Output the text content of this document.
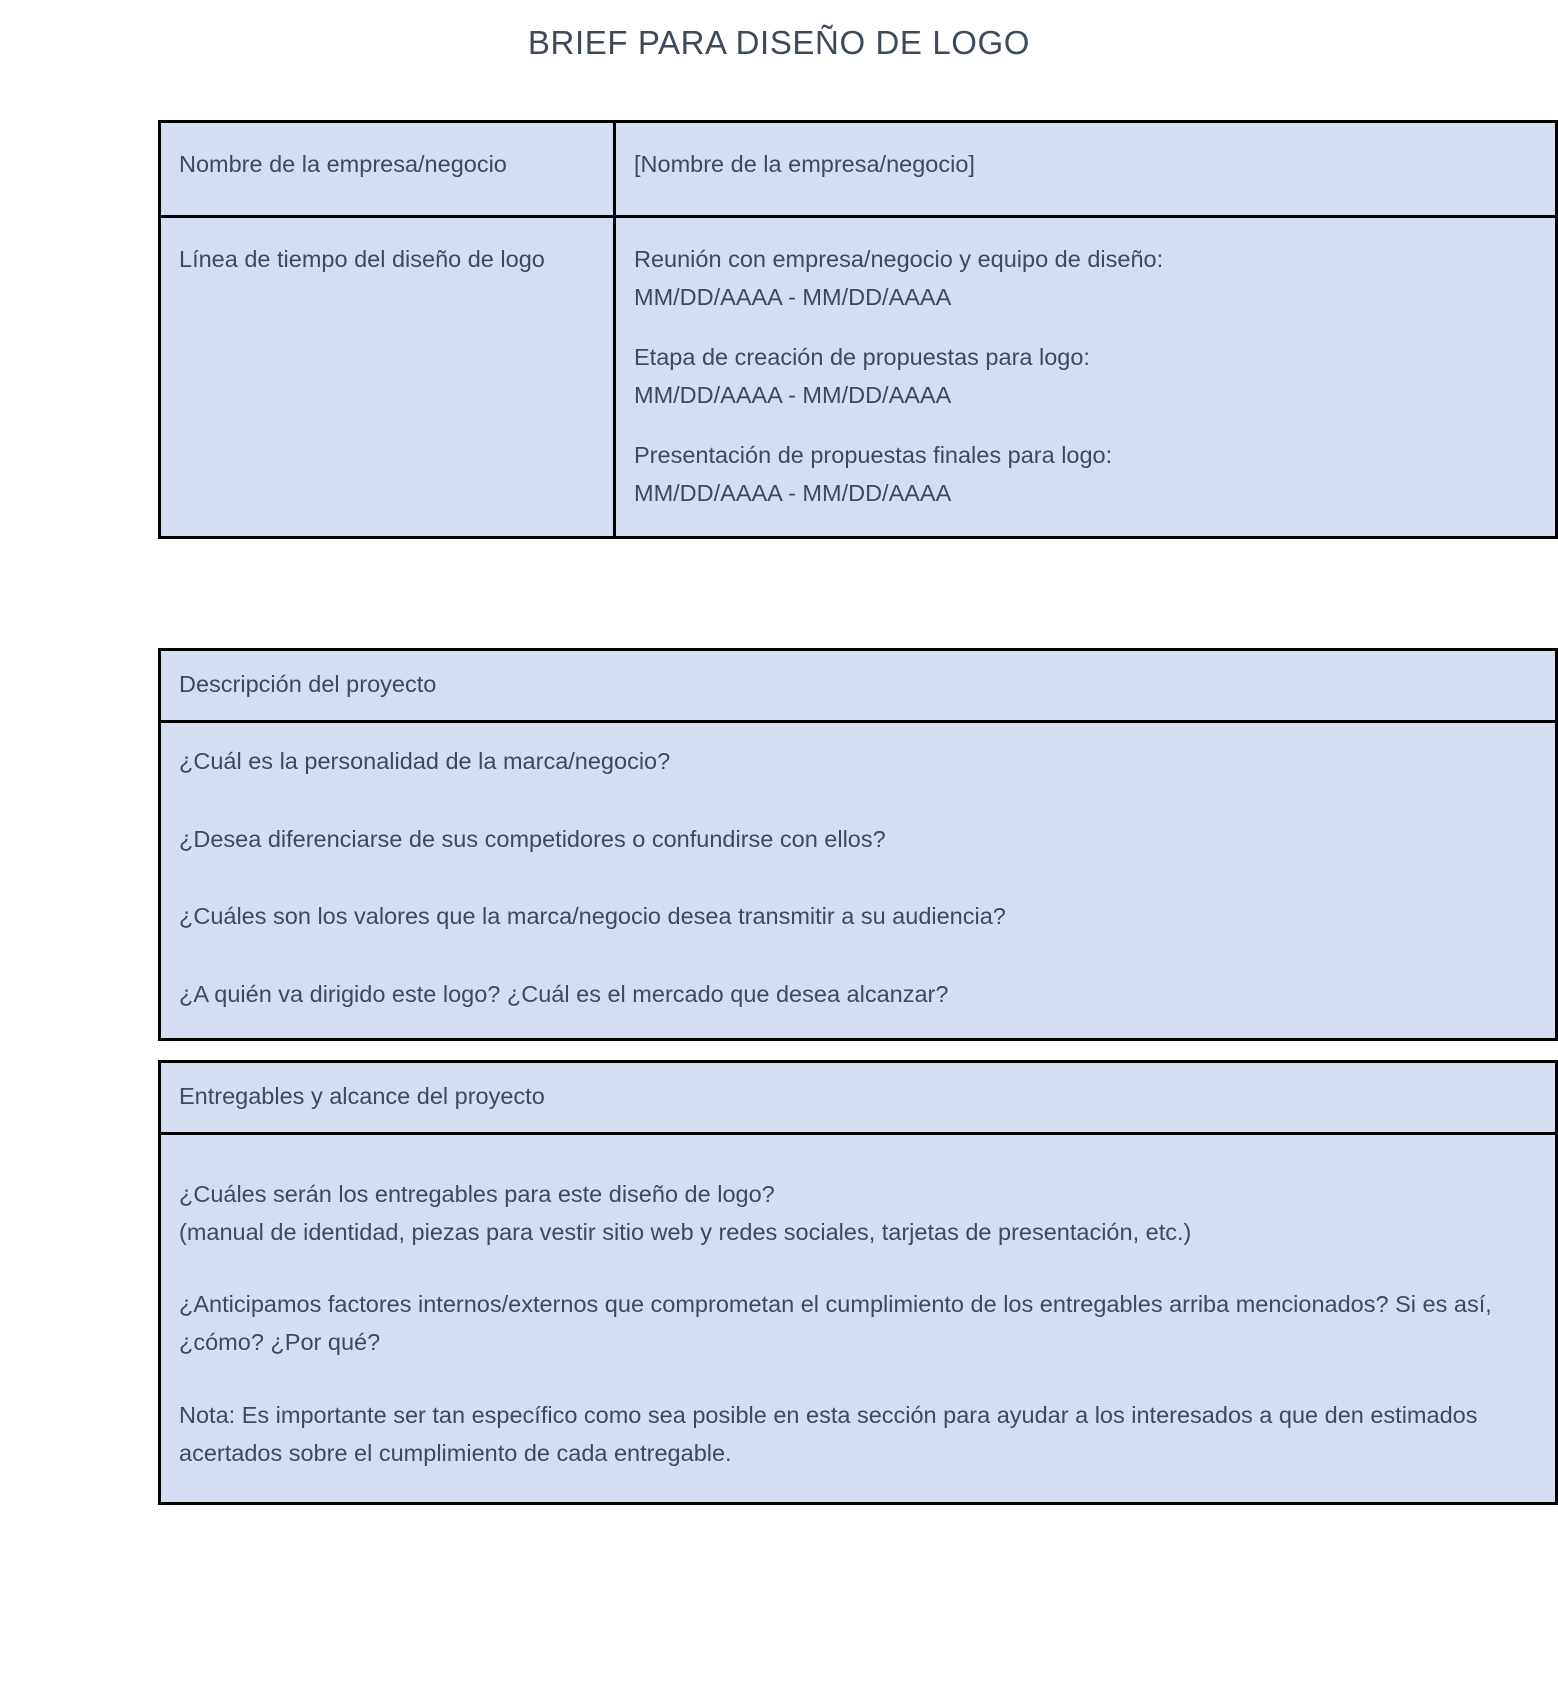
BRIEF PARA DISEÑO DE LOGO
Nombre de la empresa/negocio	[Nombre de la empresa/negocio]
Línea de tiempo del diseño de logo	Reunión con empresa/negocio y equipo de diseño:

MM/DD/AAAA - MM/DD/AAAA

Etapa de creación de propuestas para logo:

MM/DD/AAAA - MM/DD/AAAA

Presentación de propuestas finales para logo:

MM/DD/AAAA - MM/DD/AAAA

Descripción del proyecto

¿Cuál es la personalidad de la marca/negocio?

¿Desea diferenciarse de sus competidores o confundirse con ellos?

¿Cuáles son los valores que la marca/negocio desea transmitir a su audiencia?

¿A quién va dirigido este logo? ¿Cuál es el mercado que desea alcanzar?

Entregables y alcance del proyecto

¿Cuáles serán los entregables para este diseño de logo?

(manual de identidad, piezas para vestir sitio web y redes sociales, tarjetas de presentación, etc.)

¿Anticipamos factores internos/externos que comprometan el cumplimiento de los entregables arriba mencionados? Si es así, ¿cómo? ¿Por qué?

Nota: Es importante ser tan específico como sea posible en esta sección para ayudar a los interesados a que den estimados acertados sobre el cumplimiento de cada entregable.
